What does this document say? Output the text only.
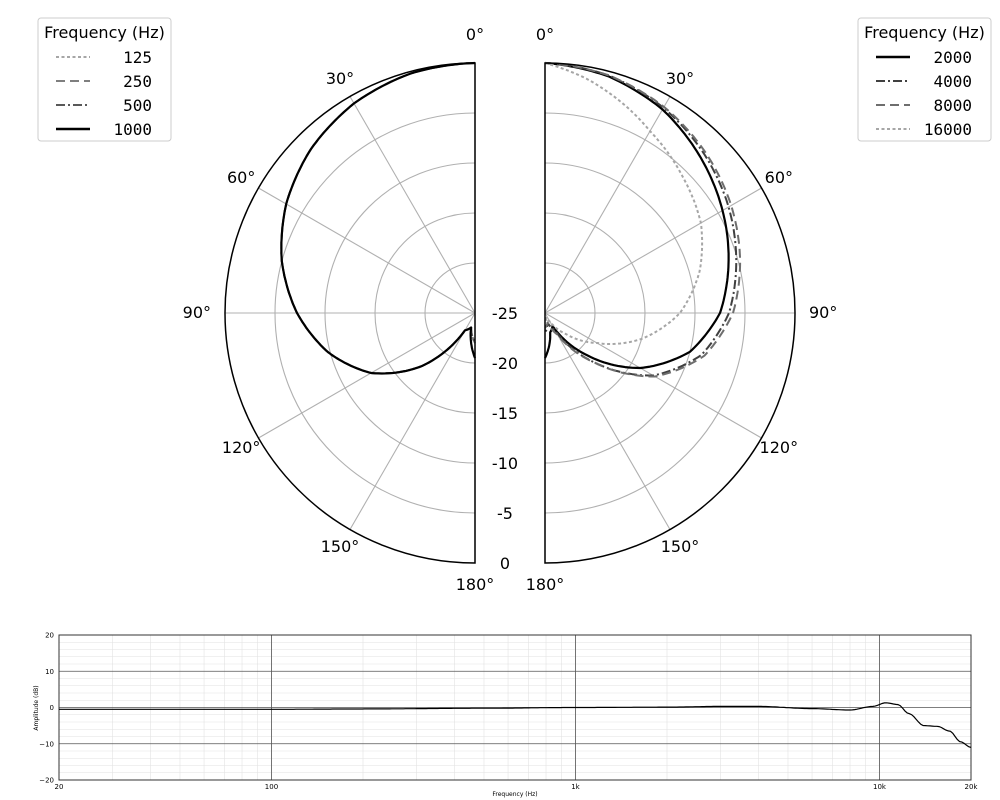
0°
30°
60°
90°
120°
150°
180°
-25
-20
-15
-10
-5
0
0°
30°
60°
90°
120°
150°
180°
Frequency (Hz)
125
250
500
1000
Frequency (Hz)
2000
4000
8000
16000
20	100	1k	10k	20k
20
10
0
−10
−20
Frequency (Hz)
Amplitude (dB)
